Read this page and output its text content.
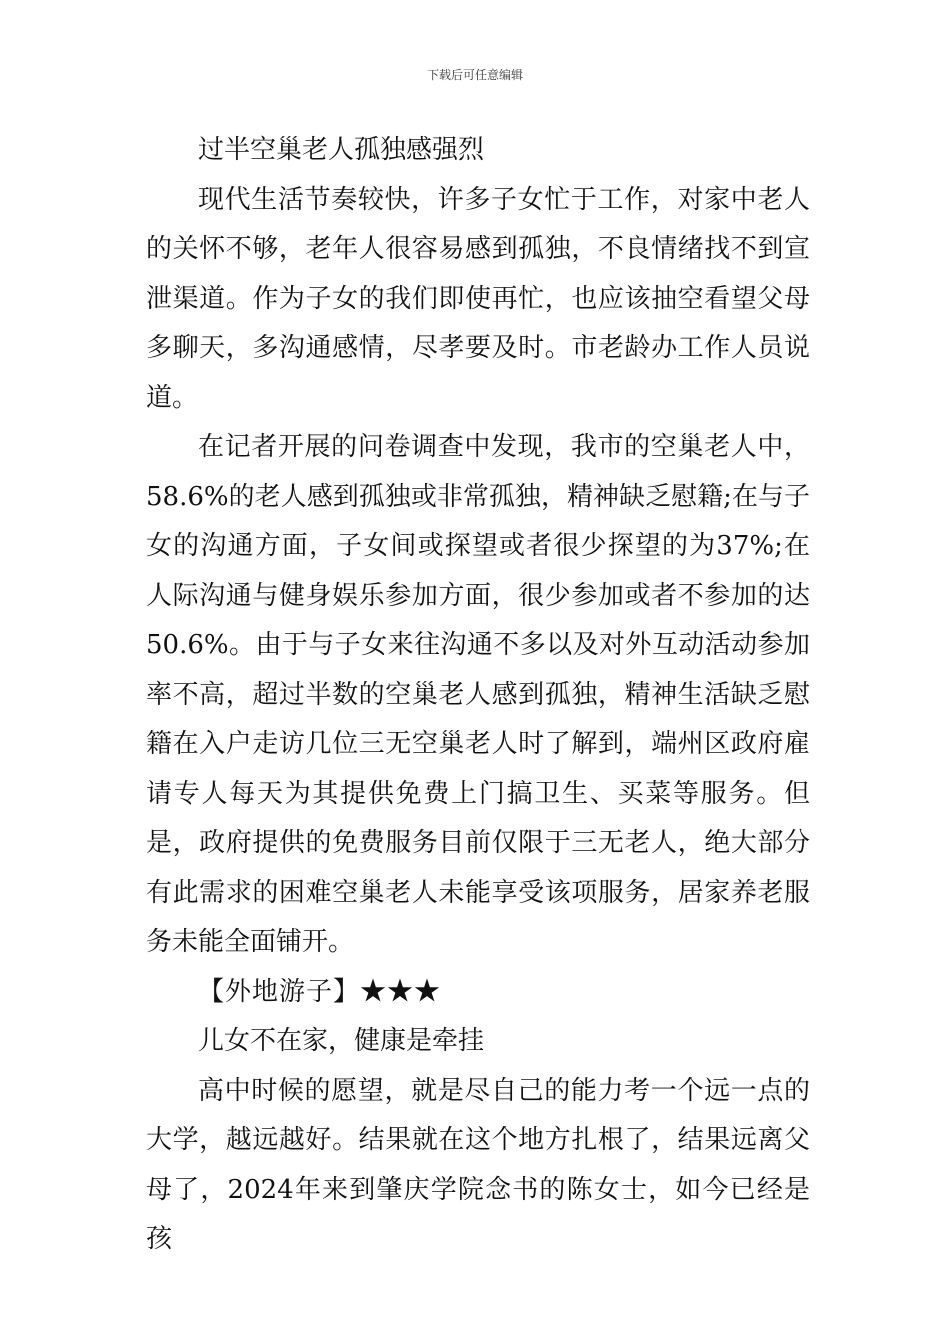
下载后可任意编辑

过半空巢老人孤独感强烈

现代生活节奏较快，许多子女忙于工作，对家中老人的关怀不够，老年人很容易感到孤独，不良情绪找不到宣泄渠道。作为子女的我们即使再忙，也应该抽空看望父母多聊天，多沟通感情，尽孝要及时。市老龄办工作人员说道。

在记者开展的问卷调查中发现，我市的空巢老人中，58.6%的老人感到孤独或非常孤独，精神缺乏慰籍;在与子女的沟通方面，子女间或探望或者很少探望的为37%;在人际沟通与健身娱乐参加方面，很少参加或者不参加的达50.6%。由于与子女来往沟通不多以及对外互动活动参加率不高，超过半数的空巢老人感到孤独，精神生活缺乏慰籍在入户走访几位三无空巢老人时了解到，端州区政府雇请专人每天为其提供免费上门搞卫生、买菜等服务。但是，政府提供的免费服务目前仅限于三无老人，绝大部分有此需求的困难空巢老人未能享受该项服务，居家养老服务未能全面铺开。

【外地游子】★★★

儿女不在家，健康是牵挂

高中时候的愿望，就是尽自己的能力考一个远一点的大学，越远越好。结果就在这个地方扎根了，结果远离父母了，2024年来到肇庆学院念书的陈女士，如今已经是孩
